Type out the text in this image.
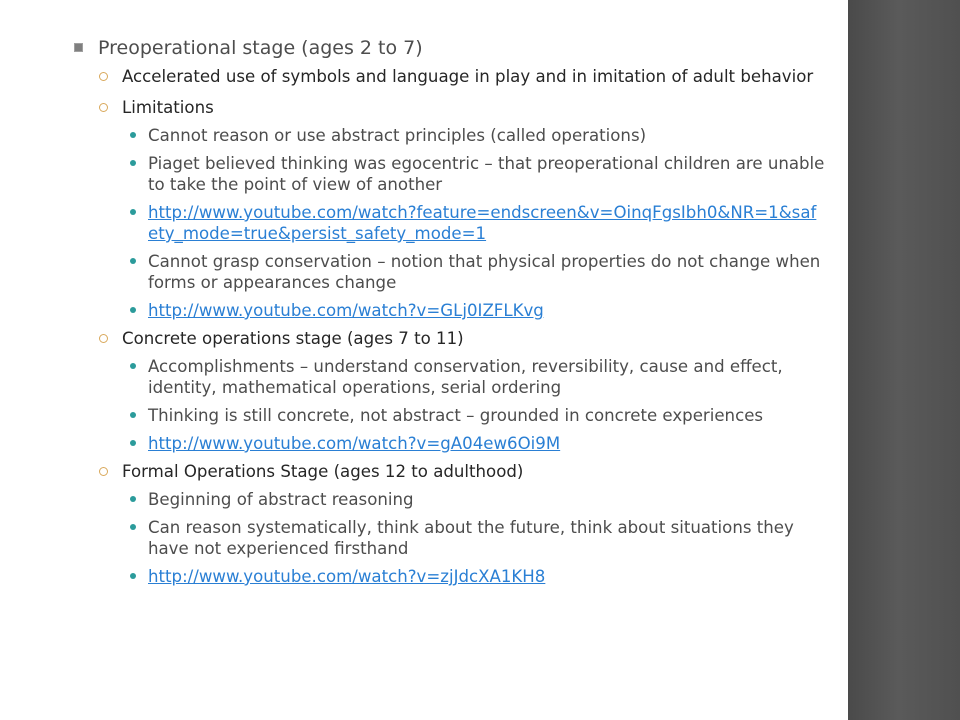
Preoperational stage (ages 2 to 7)
Accelerated use of symbols and language in play and in imitation of adult behavior
Limitations
Cannot reason or use abstract principles (called operations)
Piaget believed thinking was egocentric – that preoperational children are unable to take the point of view of another
http://www.youtube.com/watch?feature=endscreen&v=OinqFgsIbh0&NR=1&safety_mode=true&persist_safety_mode=1
Cannot grasp conservation – notion that physical properties do not change when forms or appearances change
http://www.youtube.com/watch?v=GLj0IZFLKvg
Concrete operations stage (ages 7 to 11)
Accomplishments – understand conservation, reversibility, cause and effect, identity, mathematical operations, serial ordering
Thinking is still concrete, not abstract – grounded in concrete experiences
http://www.youtube.com/watch?v=gA04ew6Oi9M
Formal Operations Stage (ages 12 to adulthood)
Beginning of abstract reasoning
Can reason systematically, think about the future, think about situations they have not experienced firsthand
http://www.youtube.com/watch?v=zjJdcXA1KH8
